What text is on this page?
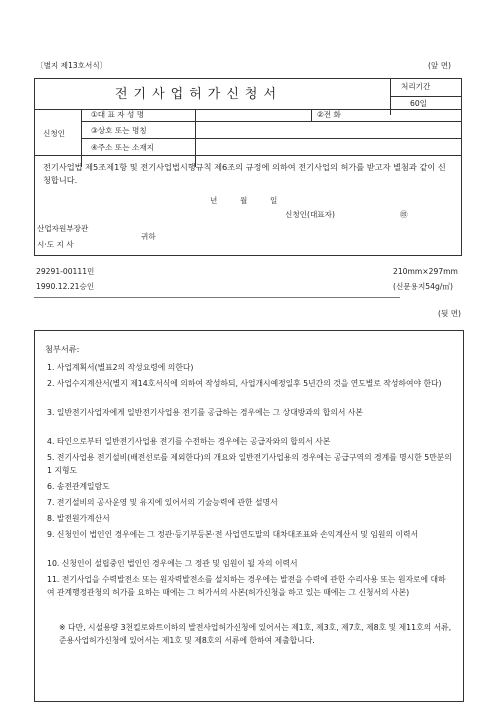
〔별지 제13호서식〕	(앞 면)
전기사업허가신청서
처리기간
60일
신청인
①대 표 자 성 명	②전 화
③상호 또는 명칭
④주소 또는 소재지
전기사업법 제5조제1항 및 전기사업법시행규칙 제6조의 규정에 의하여 전기사업의 허가를 받고자 별첨과 같이 신청합니다.
년	월	일
신청인(대표자)	㊞
산업자원부장관
귀하
시·도 지 사
29291-00111민	210mm×297mm
1990.12.21승인	(신문용지54g/㎡)
(뒷 면)
첨부서류:
1. 사업계획서(별표2의 작성요령에 의한다)
2. 사업수지계산서(별지 제14호서식에 의하여 작성하되, 사업개시예정일후 5년간의 것을 연도별로 작성하여야 한다)
3. 일반전기사업자에게 일반전기사업용 전기를 공급하는 경우에는 그 상대방과의 합의서 사본
4. 타인으로부터 일반전기사업용 전기를 수전하는 경우에는 공급자와의 합의서 사본
5. 전기사업용 전기설비(배전선로를 제외한다)의 개요와 일반전기사업용의 경우에는 공급구역의 경계를 명시한 5만분의 1 지형도
6. 송전관계일람도
7. 전기설비의 공사운영 및 유지에 있어서의 기술능력에 관한 설명서
8. 발전원가계산서
9. 신청인이 법인인 경우에는 그 정관·등기부등본·전 사업연도말의 대차대조표와 손익계산서 및 임원의 이력서
10. 신청인이 설립중인 법인인 경우에는 그 정관 및 임원이 될 자의 이력서
11. 전기사업을 수력발전소 또는 원자력발전소를 설치하는 경우에는 발전을 수력에 관한 수리사용 또는 원자로에 대하여 관계행정관청의 허가를 요하는 때에는 그 허가서의 사본(허가신청을 하고 있는 때에는 그 신청서의 사본)
※ 다만, 시설용량 3천킬로와트이하의 발전사업허가신청에 있어서는 제1호, 제3호, 제7호, 제8호 및 제11호의 서류, 준용사업허가신청에 있어서는 제1호 및 제8호의 서류에 한하여 제출합니다.
